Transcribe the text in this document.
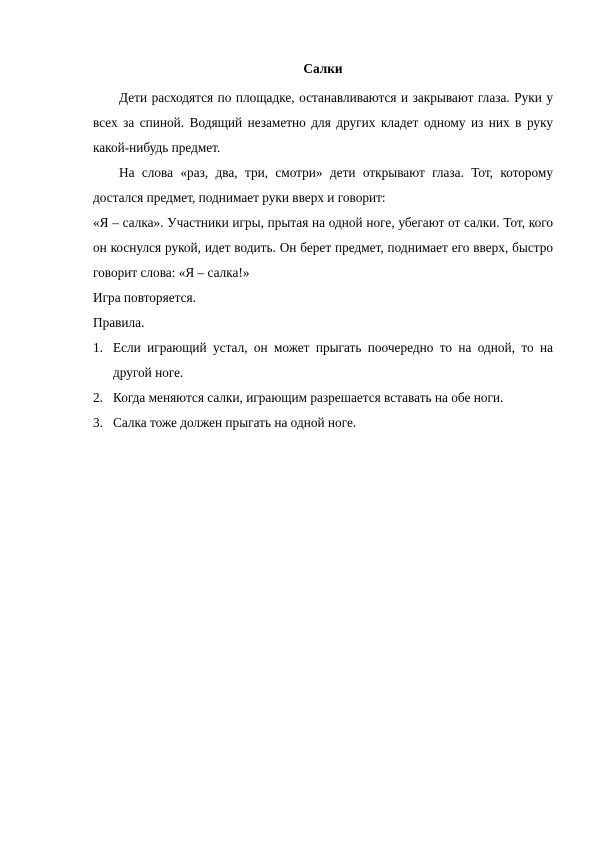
Салки

Дети расходятся по площадке, останавливаются и закрывают глаза. Руки у всех за спиной. Водящий незаметно для других кладет одному из них в руку какой-нибудь предмет.

На слова «раз, два, три, смотри» дети открывают глаза. Тот, которому достался предмет, поднимает руки вверх и говорит:

«Я – салка». Участники игры, прытая на одной ноге, убегают от салки. Тот, кого он коснулся рукой, идет водить. Он берет предмет, поднимает его вверх, быстро говорит слова: «Я – салка!»

Игра повторяется.

Правила.

1. Если играющий устал, он может прыгать поочередно то на одной, то на другой ноге.
2. Когда меняются салки, играющим разрешается вставать на обе ноги.
3. Салка тоже должен прыгать на одной ноге.
